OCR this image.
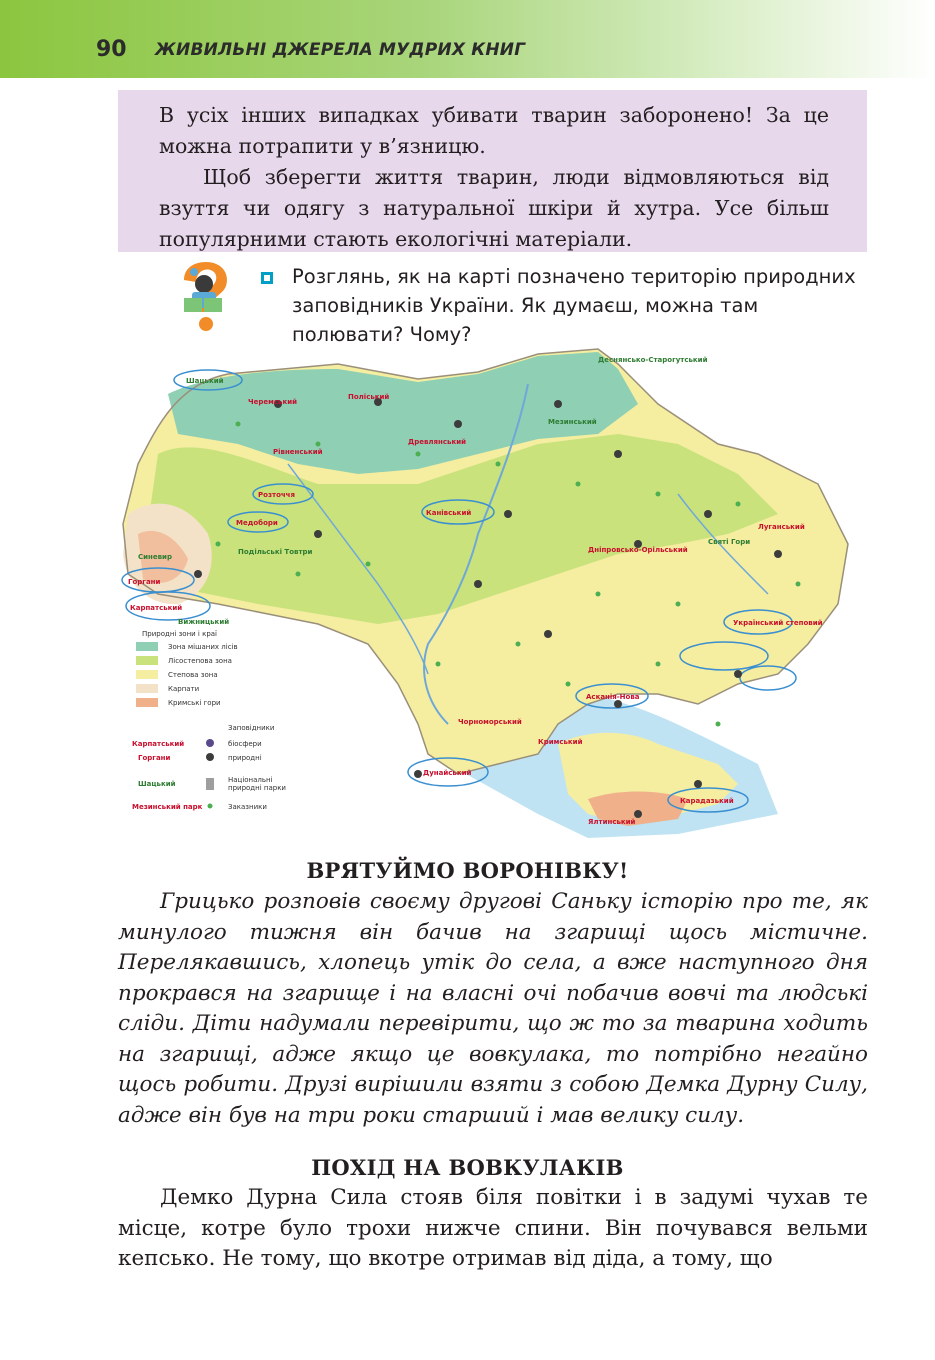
90 ЖИВИЛЬНІ ДЖЕРЕЛА МУДРИХ КНИГ

В усіх інших випадках убивати тварин заборонено! За це можна потрапити у в’язницю.

Щоб зберегти життя тварин, люди відмовляються від взуття чи одягу з натуральної шкіри й хутра. Усе більш популярними стають екологічні матеріали.

Розглянь, як на карті позначено територію природних заповідників України. Як думаєш, можна там полювати? Чому?

Шацький
Черемський
Поліський
Рівненський
Древлянський
Розточчя
Медобори
Канівський
Деснянсько-Старогутський
Мезинський
Святі Гори
Луганський
Дніпровсько-Орільський
Подільські Товтри
Горгани
Карпатський
Синевир
Вижницький	Український степовий
Асканія-Нова
Чорноморський
Дунайський
Кримський
Карадазький
Ялтинський
Природні зони і краї
Зона мішаних лісів
Лісостепова зона
Степова зона
Карпати
Кримські гори
Заповідники
Карпатський	біосфери
Горгани	природні
Шацький	Національні
природні парки
Мезинський парк	Заказники
ВРЯТУЙМО ВОРОНІВКУ!

Грицько розповів своєму другові Саньку історію про те, як минулого тижня він бачив на згарищі щось містичне. Перелякавшись, хлопець утік до села, а вже наступного дня прокрався на згарище і на власні очі побачив вовчі та людські сліди. Діти надумали перевірити, що ж то за тварина ходить на згарищі, адже якщо це вовкулака, то потрібно негайно щось робити. Друзі вирішили взяти з собою Демка Дурну Силу, адже він був на три роки старший і мав велику силу.

ПОХІД НА ВОВКУЛАКІВ

Демко Дурна Сила стояв біля повітки і в задумі чухав те місце, котре було трохи нижче спини. Він почувався вельми кепсько. Не тому, що вкотре отримав від діда, а тому, що
